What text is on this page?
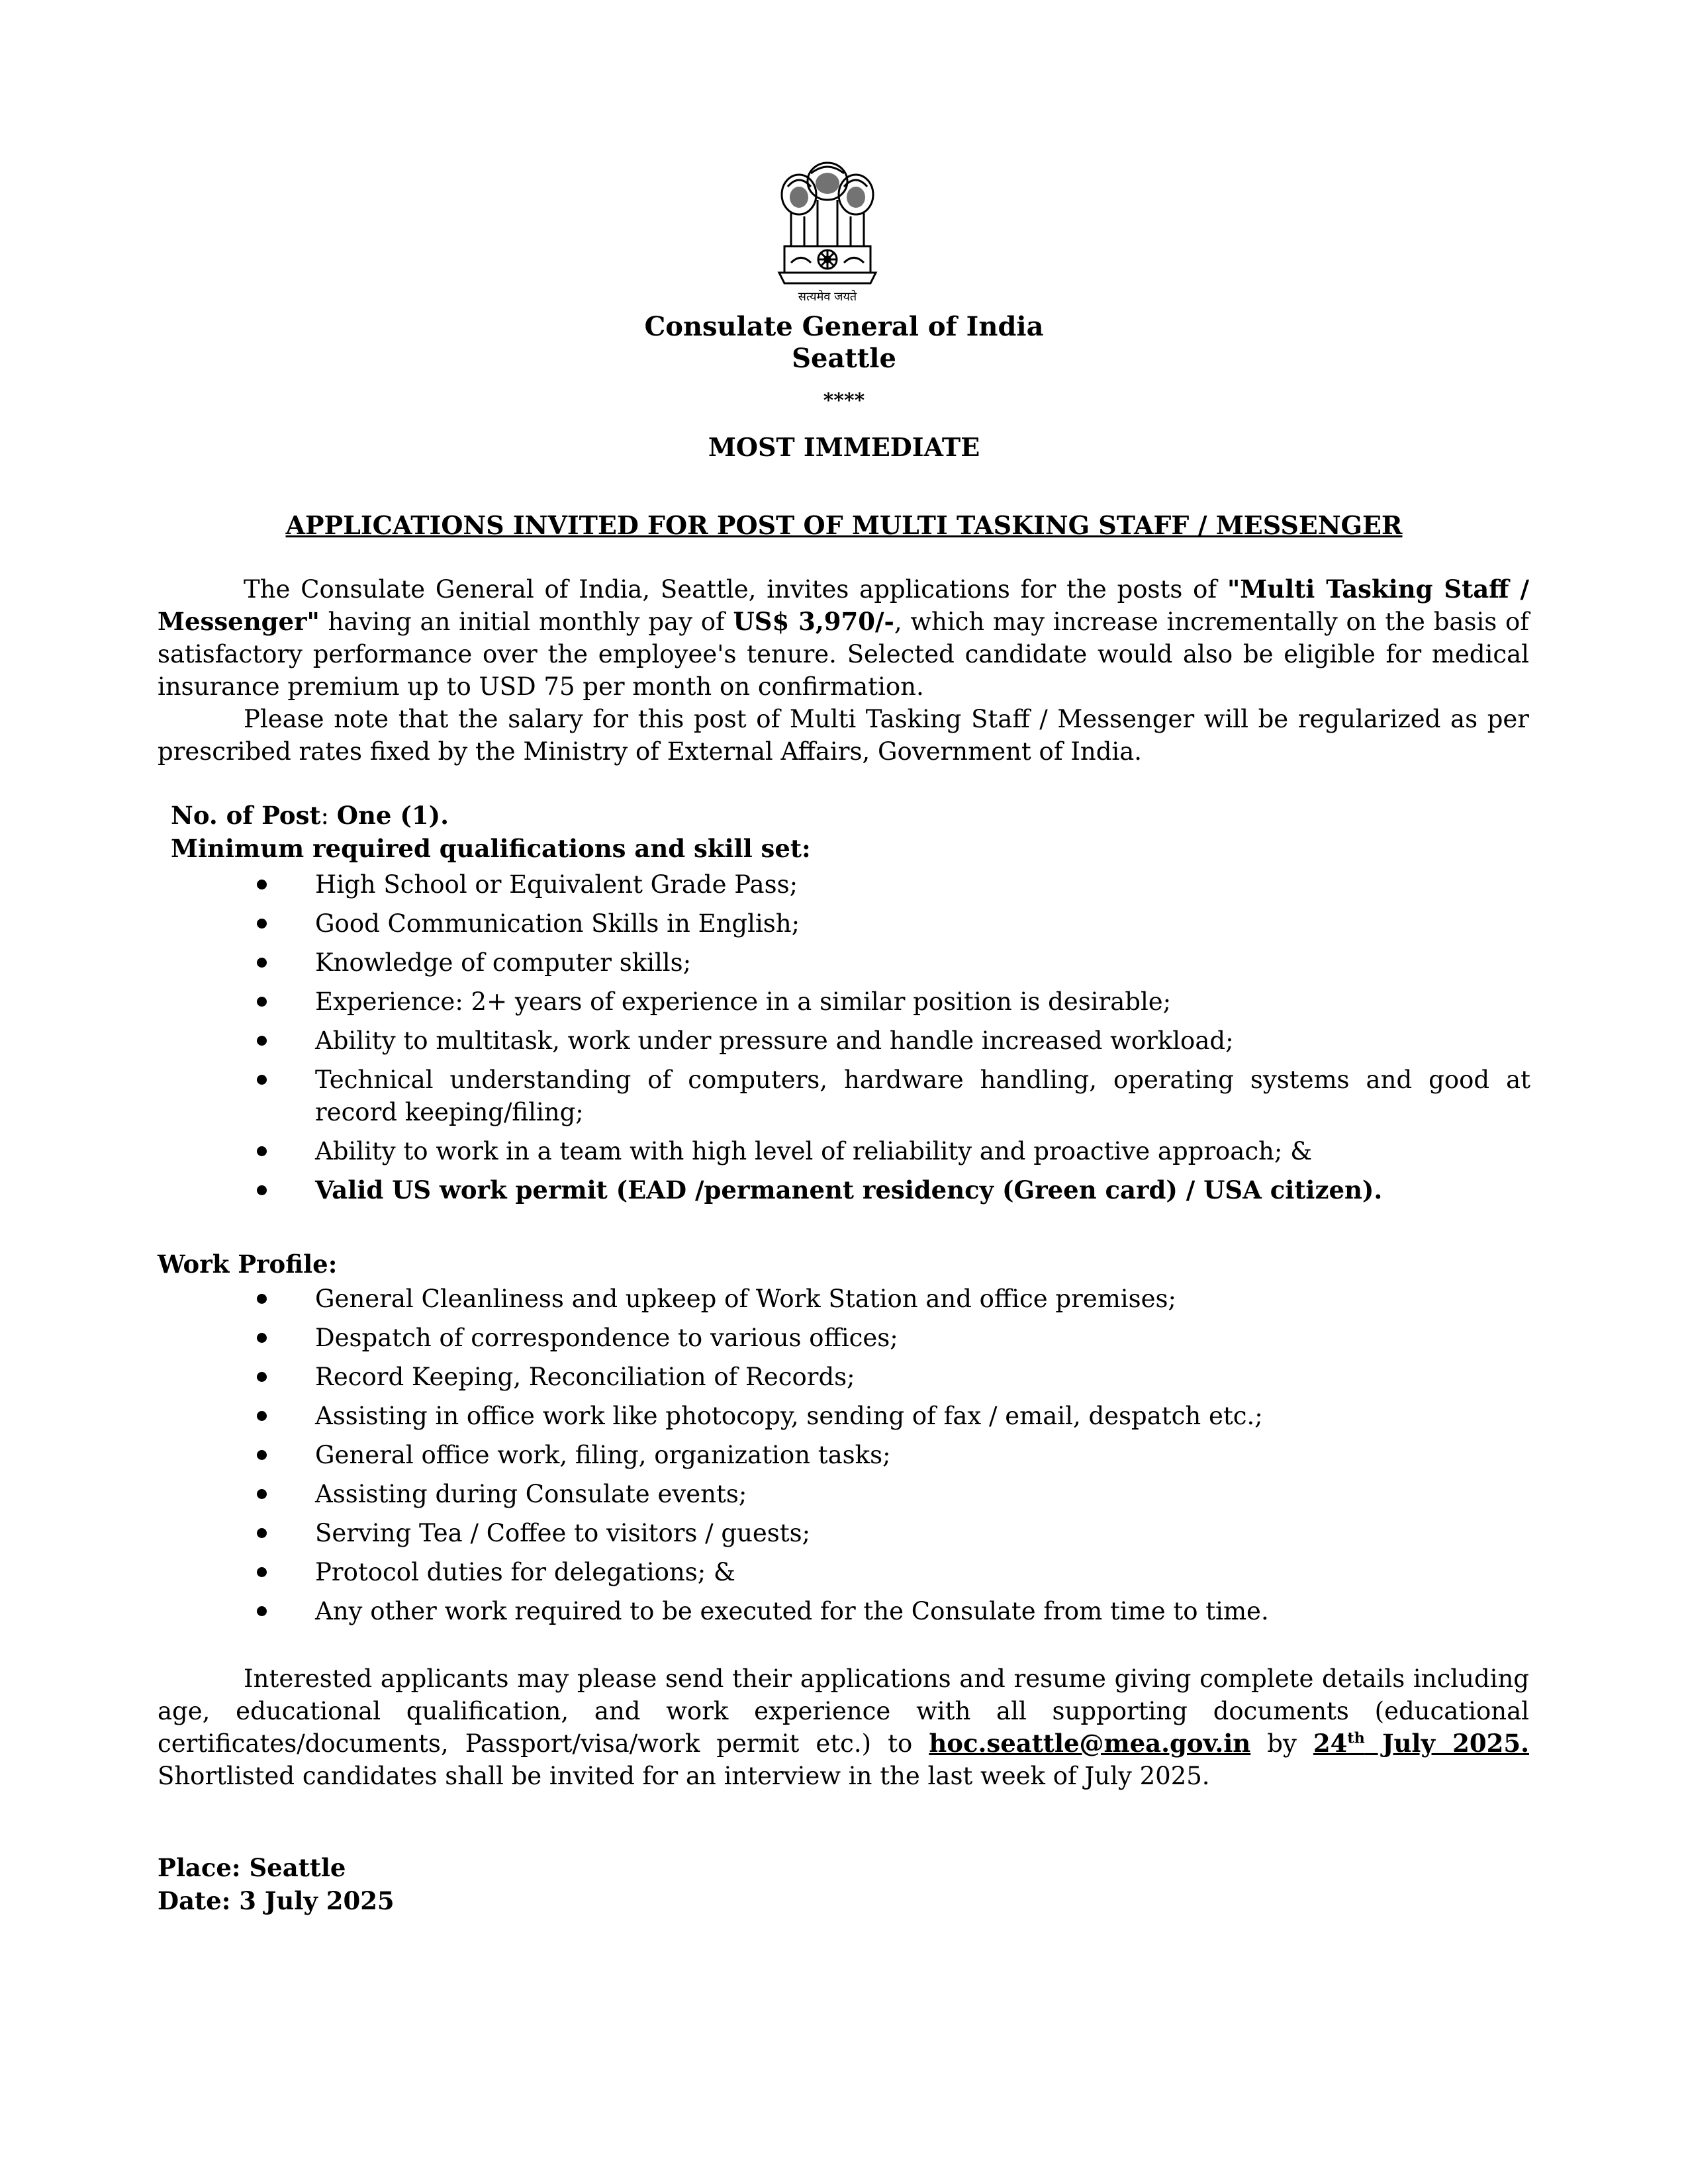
सत्यमेव जयते
Consulate General of India
Seattle
****
MOST IMMEDIATE
APPLICATIONS INVITED FOR POST OF MULTI TASKING STAFF / MESSENGER
The Consulate General of India, Seattle, invites applications for the posts of "Multi Tasking Staff / Messenger" having an initial monthly pay of US$ 3,970/-, which may increase incrementally on the basis of satisfactory performance over the employee's tenure. Selected candidate would also be eligible for medical insurance premium up to USD 75 per month on confirmation.
Please note that the salary for this post of Multi Tasking Staff / Messenger will be regularized as per prescribed rates fixed by the Ministry of External Affairs, Government of India.
No. of Post: One (1).
Minimum required qualifications and skill set:
High School or Equivalent Grade Pass;
Good Communication Skills in English;
Knowledge of computer skills;
Experience: 2+ years of experience in a similar position is desirable;
Ability to multitask, work under pressure and handle increased workload;
Technical understanding of computers, hardware handling, operating systems and good at record keeping/filing;
Ability to work in a team with high level of reliability and proactive approach; &
Valid US work permit (EAD /permanent residency (Green card) / USA citizen).
Work Profile:
General Cleanliness and upkeep of Work Station and office premises;
Despatch of correspondence to various offices;
Record Keeping, Reconciliation of Records;
Assisting in office work like photocopy, sending of fax / email, despatch etc.;
General office work, filing, organization tasks;
Assisting during Consulate events;
Serving Tea / Coffee to visitors / guests;
Protocol duties for delegations; &
Any other work required to be executed for the Consulate from time to time.
Interested applicants may please send their applications and resume giving complete details including age, educational qualification, and work experience with all supporting documents (educational certificates/documents, Passport/visa/work permit etc.) to hoc.seattle@mea.gov.in by 24th July 2025. Shortlisted candidates shall be invited for an interview in the last week of July 2025.
Place: Seattle
Date: 3 July 2025
